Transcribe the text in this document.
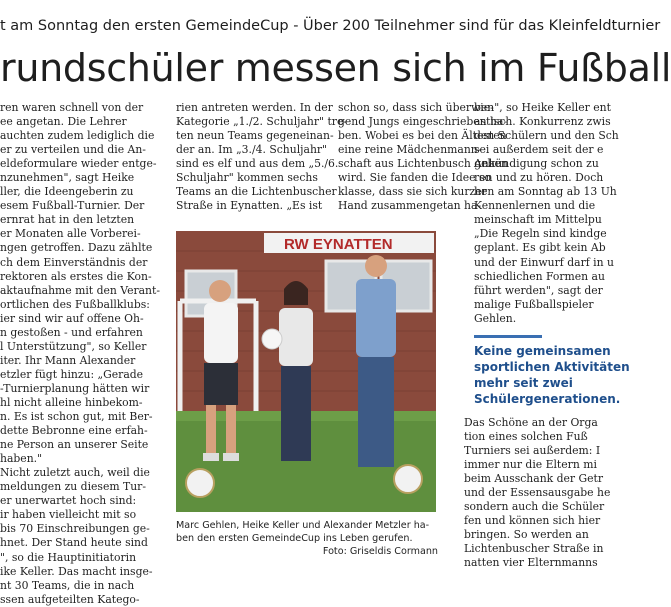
t am Sonntag den ersten GemeindeCup - Über 200 Teilnehmer sind für das Kleinfeldturnier
rundschüler messen sich im Fußball
ren waren schnell von der
ee angetan. Die Lehrer
auchten zudem lediglich die
er zu verteilen und die An-
eldeformulare wieder entge-
nzunehmen", sagt Heike
ller, die Ideengeberin zu
esem Fußball-Turnier. Der
ernrat hat in den letzten
er Monaten alle Vorberei-
ngen getroffen. Dazu zählte
ch dem Einverständnis der
rektoren als erstes die Kon-
aktaufnahme mit den Verant-
ortlichen des Fußballklubs:
ier sind wir auf offene Oh-
n gestoßen - und erfahren
l Unterstützung", so Keller
iter. Ihr Mann Alexander
etzler fügt hinzu: „Gerade
-Turnierplanung hätten wir
hl nicht alleine hinbekom-
n. Es ist schon gut, mit Ber-
dette Bebronne eine erfah-
ne Person an unserer Seite
haben."
Nicht zuletzt auch, weil die
meldungen zu diesem Tur-
er unerwartet hoch sind:
ir haben vielleicht mit so
bis 70 Einschreibungen ge-
hnet. Der Stand heute sind
", so die Hauptinitiatorin
ike Keller. Das macht insge-
nt 30 Teams, die in nach
ssen aufgeteilten Katego-
rien antreten werden. In der
Kategorie „1./2. Schuljahr" tre-
ten neun Teams gegeneinan-
der an. Im „3./4. Schuljahr"
sind es elf und aus dem „5./6.
Schuljahr" kommen sechs
Teams an die Lichtenbuscher
Straße in Eynatten. „Es ist
schon so, dass sich überwie-
gend Jungs eingeschrieben ha-
ben. Wobei es bei den Ältesten
eine reine Mädchenmann-
schaft aus Lichtenbusch geben
wird. Sie fanden die Idee so
klasse, dass sie sich kurzer
Hand zusammengetan ha-
ben", so Heike Keller ent
astisch. Konkurrenz zwis
den Schülern und den Sch
sei außerdem seit der e
Ankündigung schon zu
ren und zu hören. Doch
hen am Sonntag ab 13 Uh
Kennenlernen und die
meinschaft im Mittelpu
„Die Regeln sind kindge
geplant. Es gibt kein Ab
und der Einwurf darf in u
schiedlichen Formen au
führt werden", sagt der
malige Fußballspieler
Gehlen.
RW EYNATTEN
Marc Gehlen, Heike Keller und Alexander Metzler ha-
ben den ersten GemeindeCup ins Leben gerufen.
Foto: Griseldis Cormann
Keine gemeinsamen
sportlichen Aktivitäten
mehr seit zwei
Schülergenerationen.
Das Schöne an der Orga
tion eines solchen Fuß
Turniers sei außerdem: I
immer nur die Eltern mi
beim Ausschank der Getr
und der Essensausgabe he
sondern auch die Schüler
fen und können sich hier
bringen. So werden an
Lichtenbuscher Straße in
natten vier Elternmanns
